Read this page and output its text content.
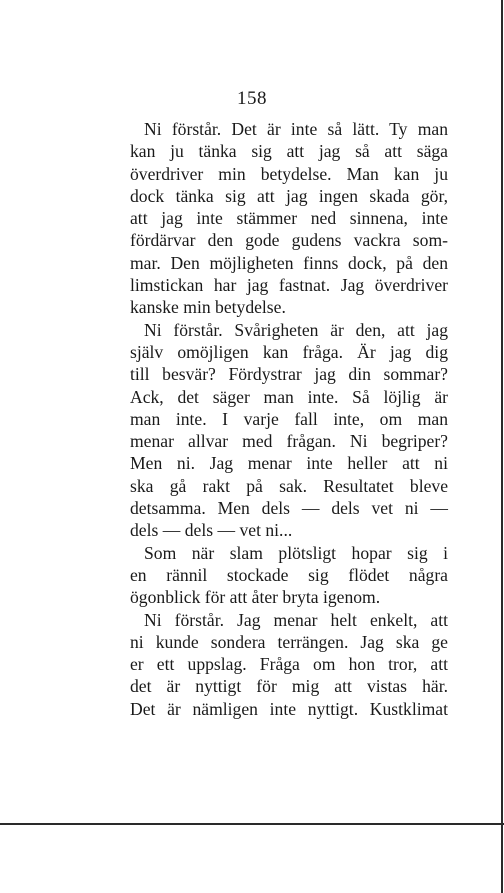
158
Ni förstår. Det är inte så lätt. Ty man
kan ju tänka sig att jag så att säga
överdriver min betydelse. Man kan ju
dock tänka sig att jag ingen skada gör,
att jag inte stämmer ned sinnena, inte
fördärvar den gode gudens vackra som-
mar. Den möjligheten finns dock, på den
limstickan har jag fastnat. Jag överdriver
kanske min betydelse.
Ni förstår. Svårigheten är den, att jag
själv omöjligen kan fråga. Är jag dig
till besvär? Fördystrar jag din sommar?
Ack, det säger man inte. Så löjlig är
man inte. I varje fall inte, om man
menar allvar med frågan. Ni begriper?
Men ni. Jag menar inte heller att ni
ska gå rakt på sak. Resultatet bleve
detsamma. Men dels — dels vet ni —
dels — dels — vet ni...
Som när slam plötsligt hopar sig i
en rännil stockade sig flödet några
ögonblick för att åter bryta igenom.
Ni förstår. Jag menar helt enkelt, att
ni kunde sondera terrängen. Jag ska ge
er ett uppslag. Fråga om hon tror, att
det är nyttigt för mig att vistas här.
Det är nämligen inte nyttigt. Kustklimat
